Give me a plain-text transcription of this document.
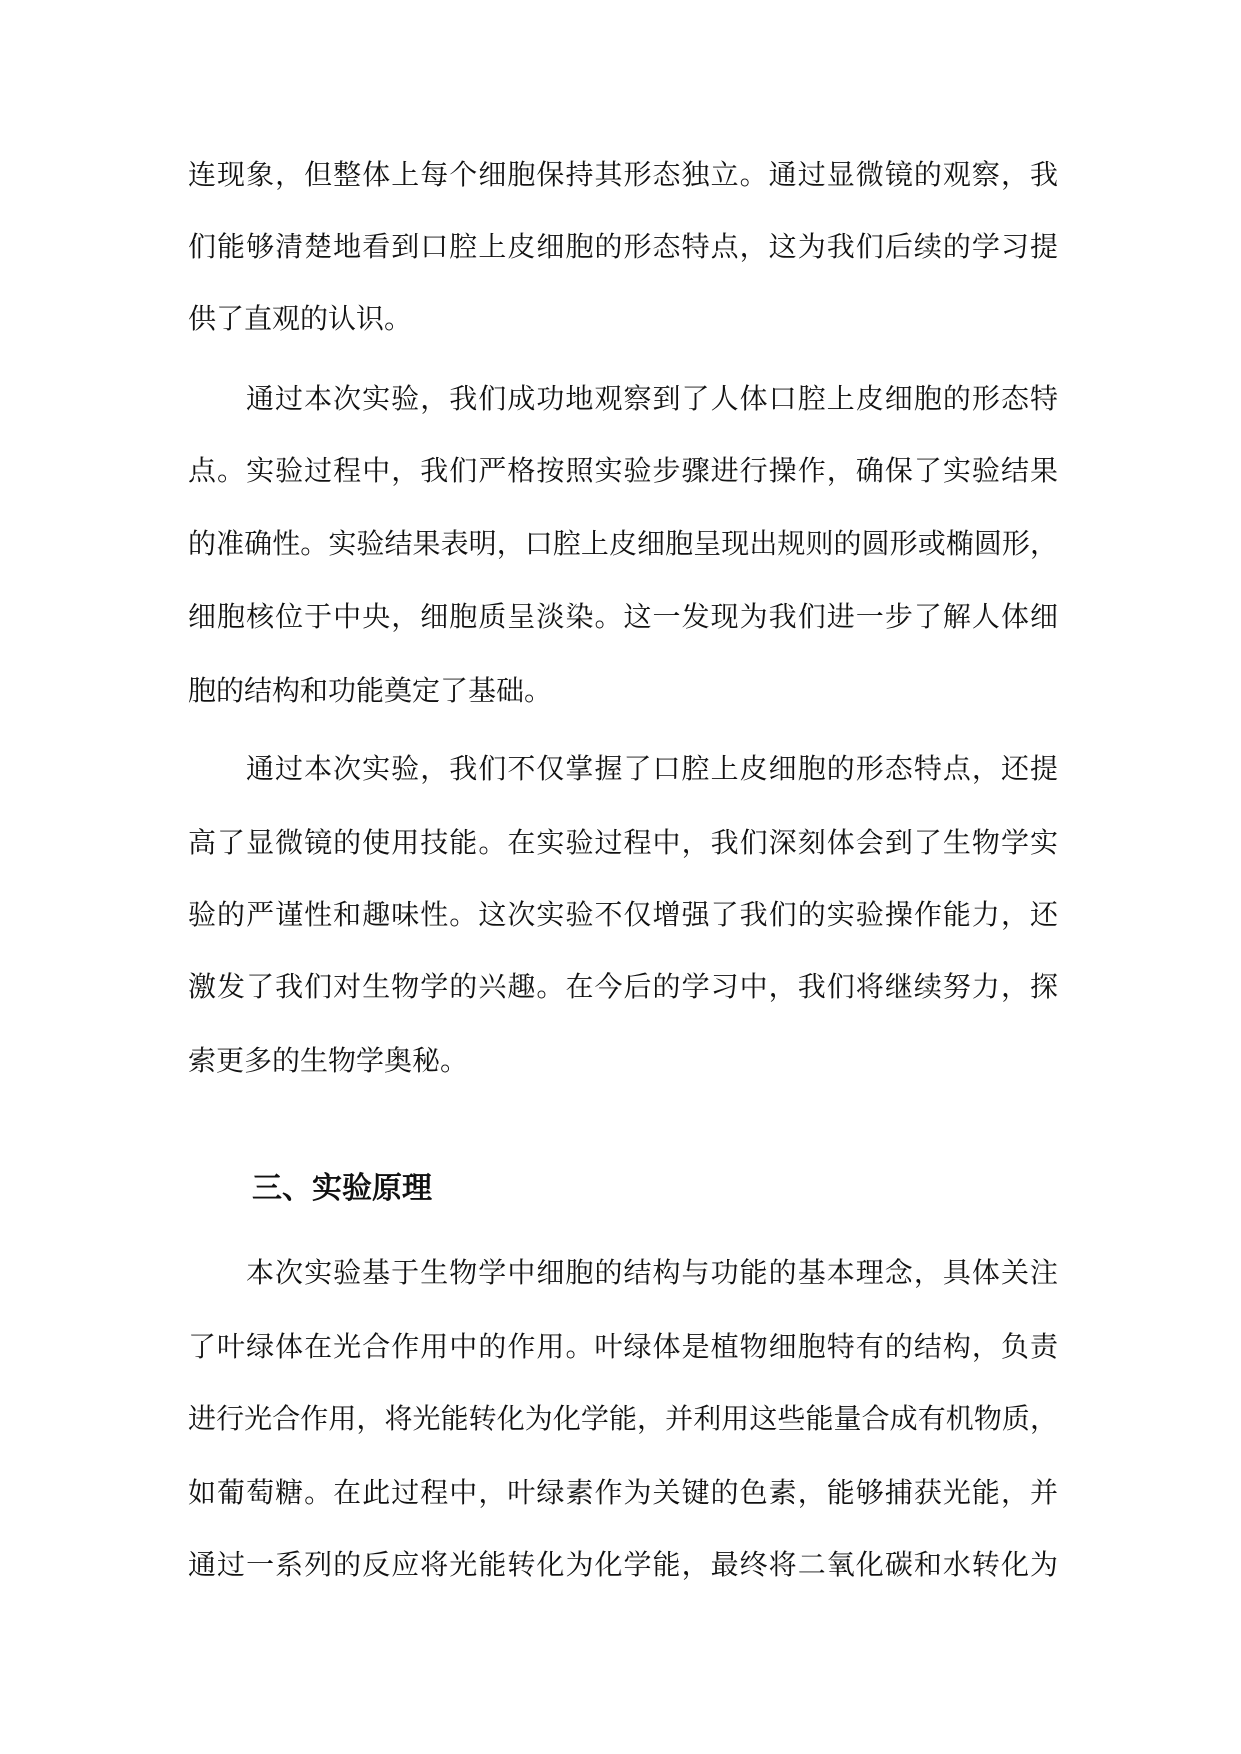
连现象，但整体上每个细胞保持其形态独立。通过显微镜的观察，我

们能够清楚地看到口腔上皮细胞的形态特点，这为我们后续的学习提

供了直观的认识。

通过本次实验，我们成功地观察到了人体口腔上皮细胞的形态特

点。实验过程中，我们严格按照实验步骤进行操作，确保了实验结果

的准确性。实验结果表明，口腔上皮细胞呈现出规则的圆形或椭圆形，

细胞核位于中央，细胞质呈淡染。这一发现为我们进一步了解人体细

胞的结构和功能奠定了基础。

通过本次实验，我们不仅掌握了口腔上皮细胞的形态特点，还提

高了显微镜的使用技能。在实验过程中，我们深刻体会到了生物学实

验的严谨性和趣味性。这次实验不仅增强了我们的实验操作能力，还

激发了我们对生物学的兴趣。在今后的学习中，我们将继续努力，探

索更多的生物学奥秘。

三、实验原理

本次实验基于生物学中细胞的结构与功能的基本理念，具体关注

了叶绿体在光合作用中的作用。叶绿体是植物细胞特有的结构，负责

进行光合作用，将光能转化为化学能，并利用这些能量合成有机物质，

如葡萄糖。在此过程中，叶绿素作为关键的色素，能够捕获光能，并

通过一系列的反应将光能转化为化学能，最终将二氧化碳和水转化为
